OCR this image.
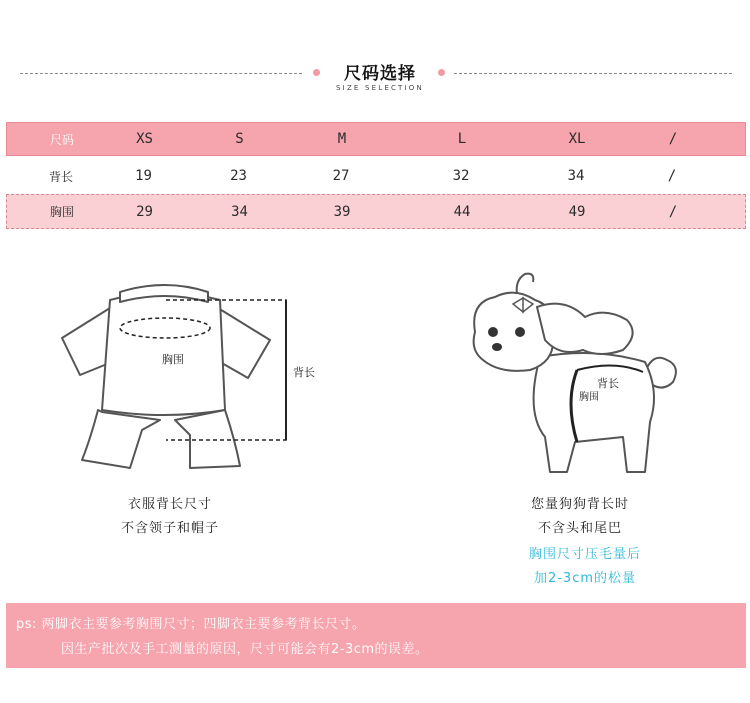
尺码选择
SIZE SELECTION
尺码	XS	S	M	L	XL	/
背长	19	23	27	32	34	/
胸围	29	34	39	44	49	/
胸围
背长
衣服背长尺寸
不含领子和帽子
背长
胸围
您量狗狗背长时
不含头和尾巴
胸围尺寸压毛量后
加2-3cm的松量
ps: 两脚衣主要参考胸围尺寸；四脚衣主要参考背长尺寸。
因生产批次及手工测量的原因，尺寸可能会有2-3cm的误差。
